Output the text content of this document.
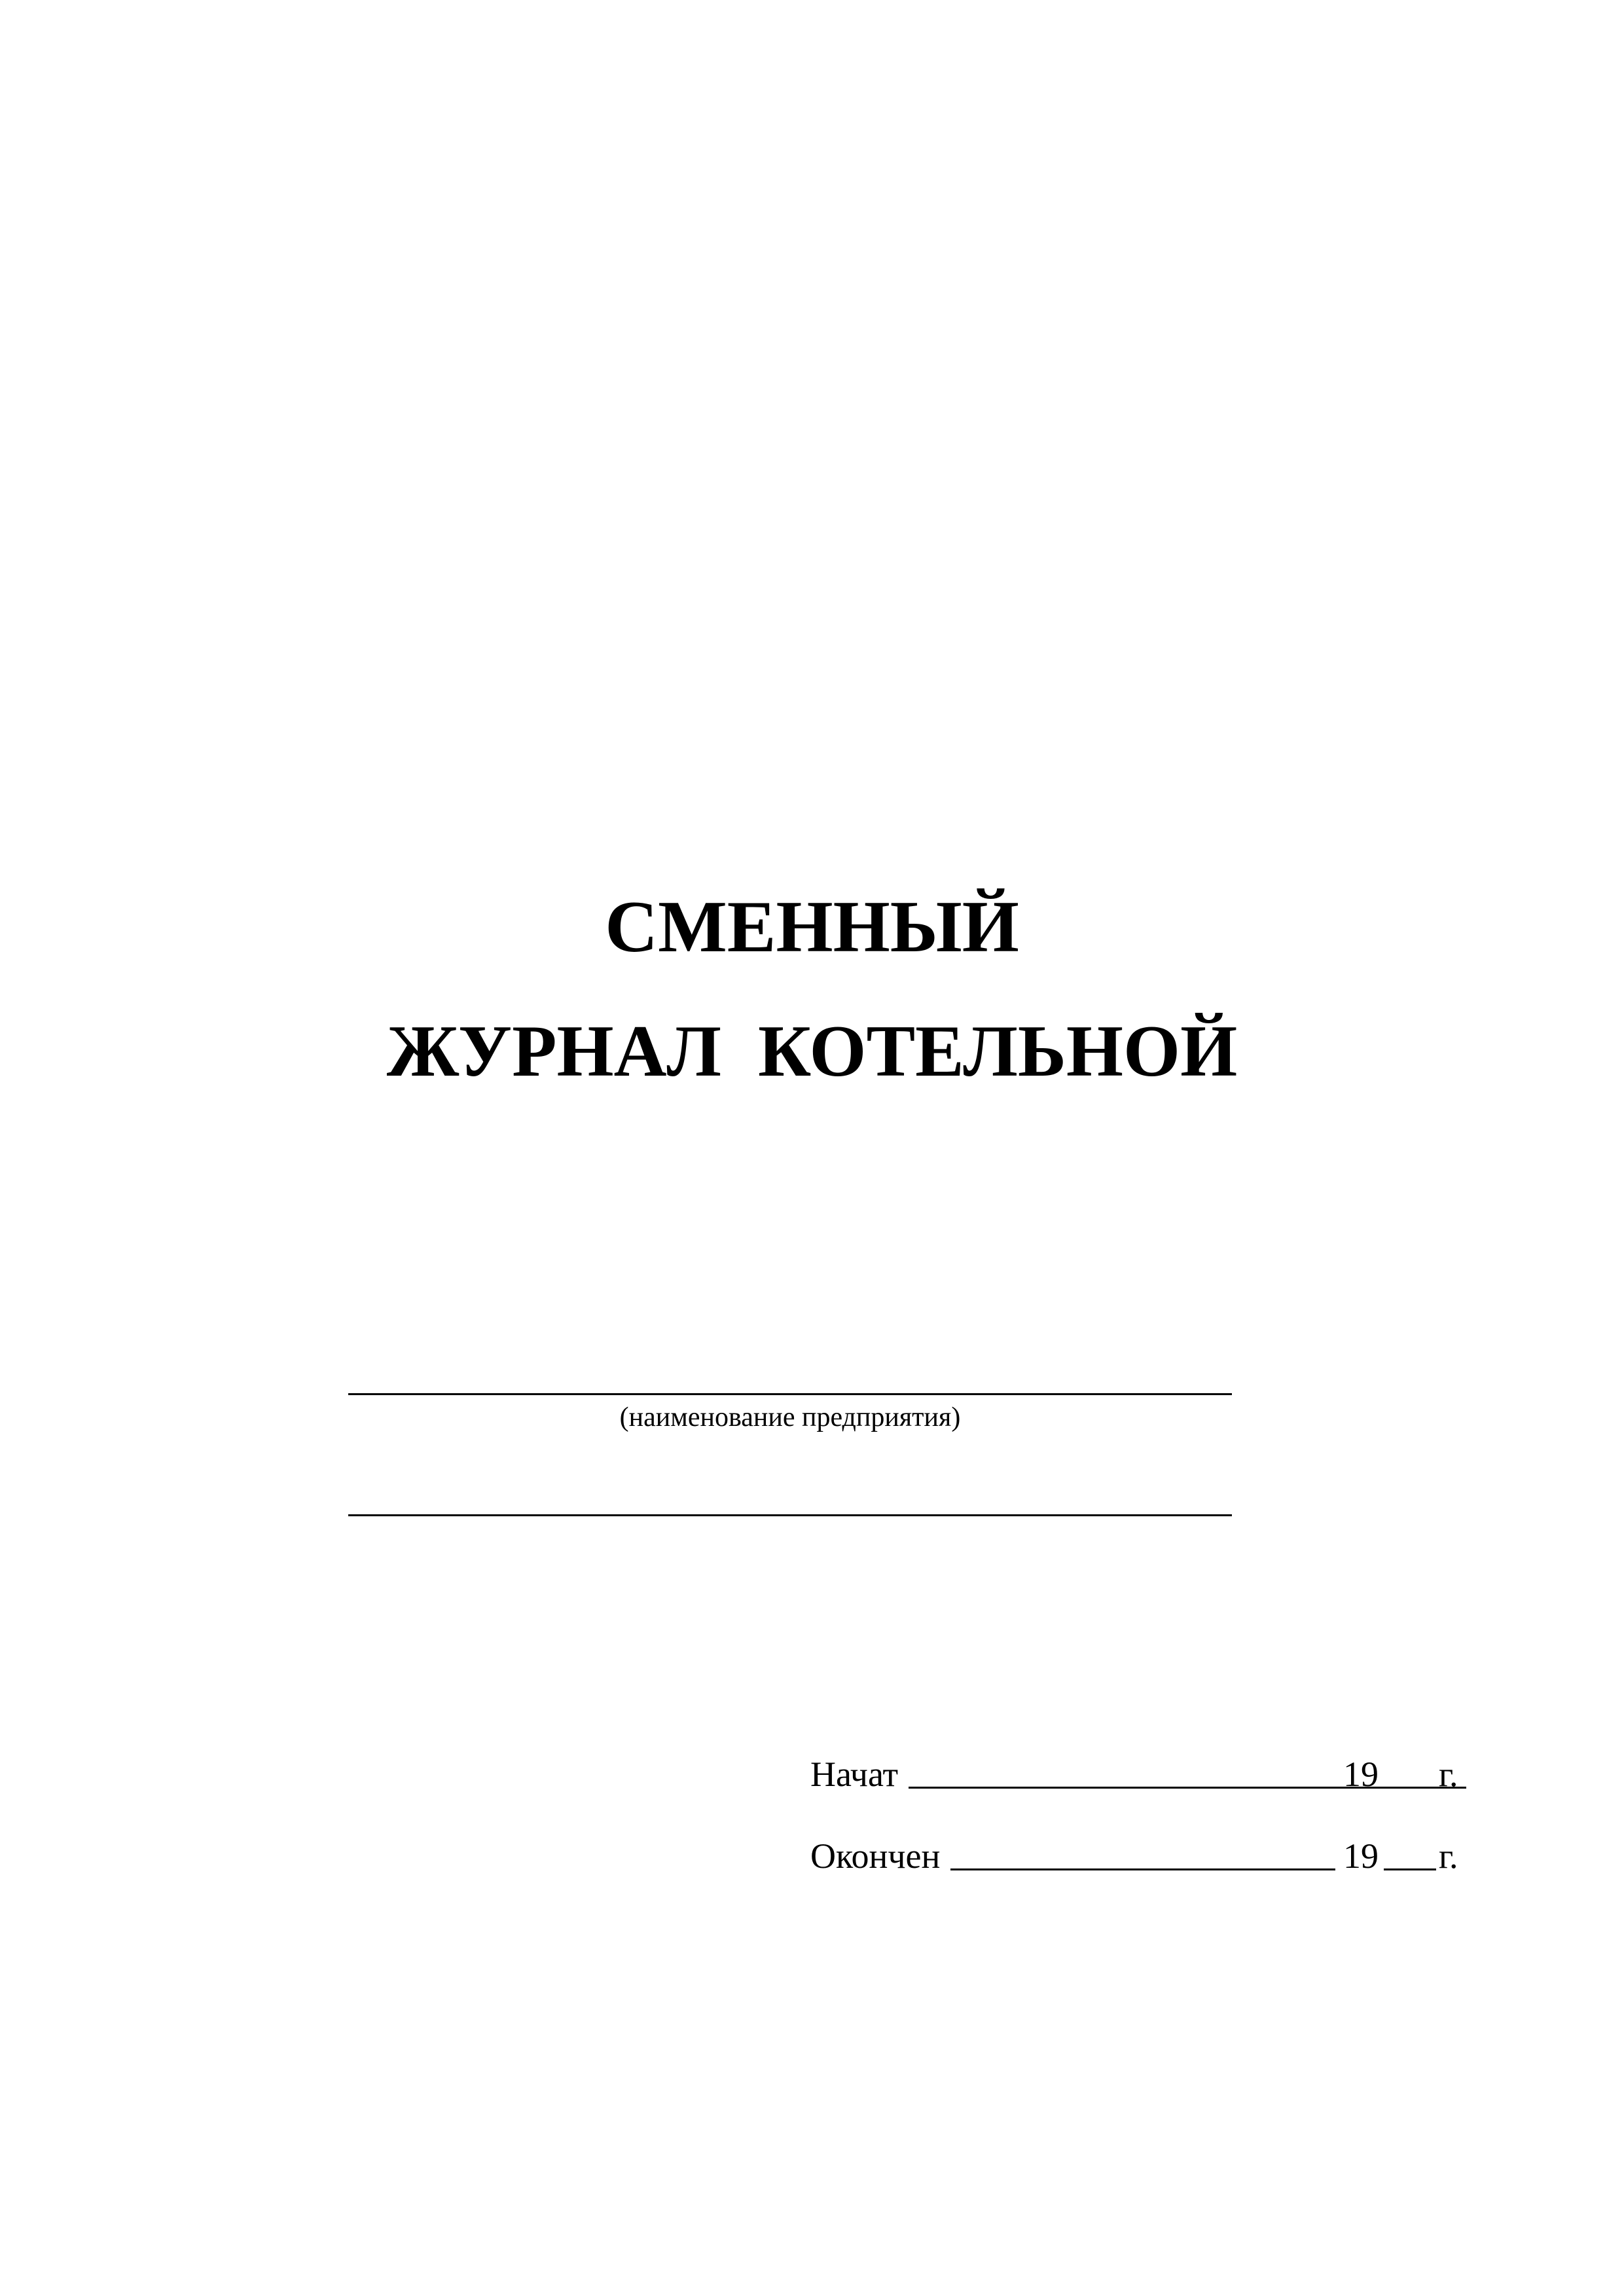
СМЕННЫЙ
ЖУРНАЛ  КОТЕЛЬНОЙ
(наименование предприятия)
Начат	19 г.
Окончен	19 г.
